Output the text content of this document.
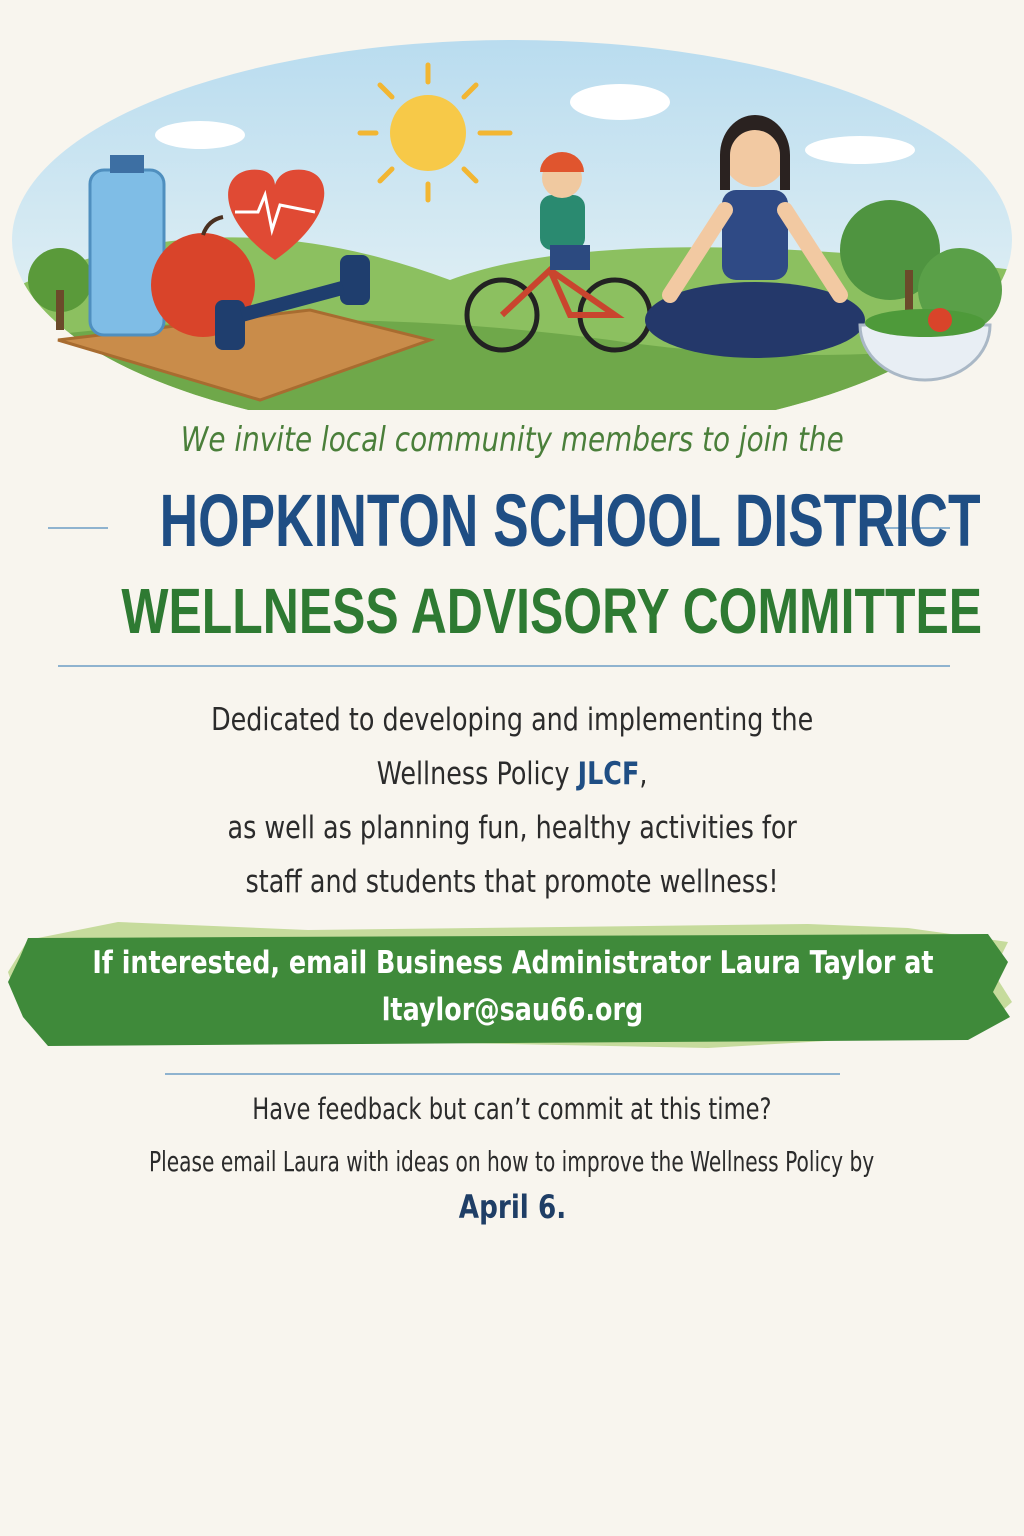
We invite local community members to join the
HOPKINTON SCHOOL DISTRICT
WELLNESS ADVISORY COMMITTEE
Dedicated to developing and implementing the
Wellness Policy JLCF,
as well as planning fun, healthy activities for
staff and students that promote wellness!
If interested, email Business Administrator Laura Taylor at
ltaylor@sau66.org
Have feedback but can’t commit at this time?
Please email Laura with ideas on how to improve the Wellness Policy by
April 6.
